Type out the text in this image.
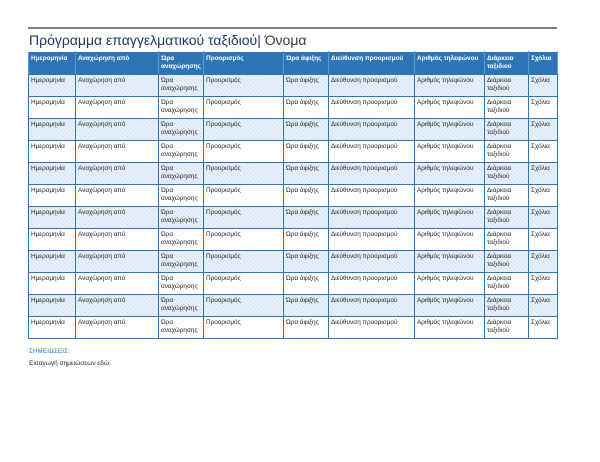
Πρόγραμμα επαγγελματικού ταξιδιού| Όνομα
Ημερομηνία	Αναχώρηση από	Ώρα αναχώρησης	Προορισμός	Ώρα άφιξης	Διεύθυνση προορισμού	Αριθμός τηλεφώνου	Διάρκεια ταξιδιού	Σχόλια
Ημερομηνία	Αναχώρηση από	Ώρα αναχώρησης	Προορισμός	Ώρα άφιξης	Διεύθυνση προορισμού	Αριθμός τηλεφώνου	Διάρκεια ταξιδιού	Σχόλια
Ημερομηνία	Αναχώρηση από	Ώρα αναχώρησης	Προορισμός	Ώρα άφιξης	Διεύθυνση προορισμού	Αριθμός τηλεφώνου	Διάρκεια ταξιδιού	Σχόλια
Ημερομηνία	Αναχώρηση από	Ώρα αναχώρησης	Προορισμός	Ώρα άφιξης	Διεύθυνση προορισμού	Αριθμός τηλεφώνου	Διάρκεια ταξιδιού	Σχόλια
Ημερομηνία	Αναχώρηση από	Ώρα αναχώρησης	Προορισμός	Ώρα άφιξης	Διεύθυνση προορισμού	Αριθμός τηλεφώνου	Διάρκεια ταξιδιού	Σχόλια
Ημερομηνία	Αναχώρηση από	Ώρα αναχώρησης	Προορισμός	Ώρα άφιξης	Διεύθυνση προορισμού	Αριθμός τηλεφώνου	Διάρκεια ταξιδιού	Σχόλια
Ημερομηνία	Αναχώρηση από	Ώρα αναχώρησης	Προορισμός	Ώρα άφιξης	Διεύθυνση προορισμού	Αριθμός τηλεφώνου	Διάρκεια ταξιδιού	Σχόλια
Ημερομηνία	Αναχώρηση από	Ώρα αναχώρησης	Προορισμός	Ώρα άφιξης	Διεύθυνση προορισμού	Αριθμός τηλεφώνου	Διάρκεια ταξιδιού	Σχόλια
Ημερομηνία	Αναχώρηση από	Ώρα αναχώρησης	Προορισμός	Ώρα άφιξης	Διεύθυνση προορισμού	Αριθμός τηλεφώνου	Διάρκεια ταξιδιού	Σχόλια
Ημερομηνία	Αναχώρηση από	Ώρα αναχώρησης	Προορισμός	Ώρα άφιξης	Διεύθυνση προορισμού	Αριθμός τηλεφώνου	Διάρκεια ταξιδιού	Σχόλια
Ημερομηνία	Αναχώρηση από	Ώρα αναχώρησης	Προορισμός	Ώρα άφιξης	Διεύθυνση προορισμού	Αριθμός τηλεφώνου	Διάρκεια ταξιδιού	Σχόλια
Ημερομηνία	Αναχώρηση από	Ώρα αναχώρησης	Προορισμός	Ώρα άφιξης	Διεύθυνση προορισμού	Αριθμός τηλεφώνου	Διάρκεια ταξιδιού	Σχόλια
Ημερομηνία	Αναχώρηση από	Ώρα αναχώρησης	Προορισμός	Ώρα άφιξης	Διεύθυνση προορισμού	Αριθμός τηλεφώνου	Διάρκεια ταξιδιού	Σχόλια
ΣΗΜΕΙΩΣΕΙΣ:
Εισαγωγή σημειώσεων εδώ
